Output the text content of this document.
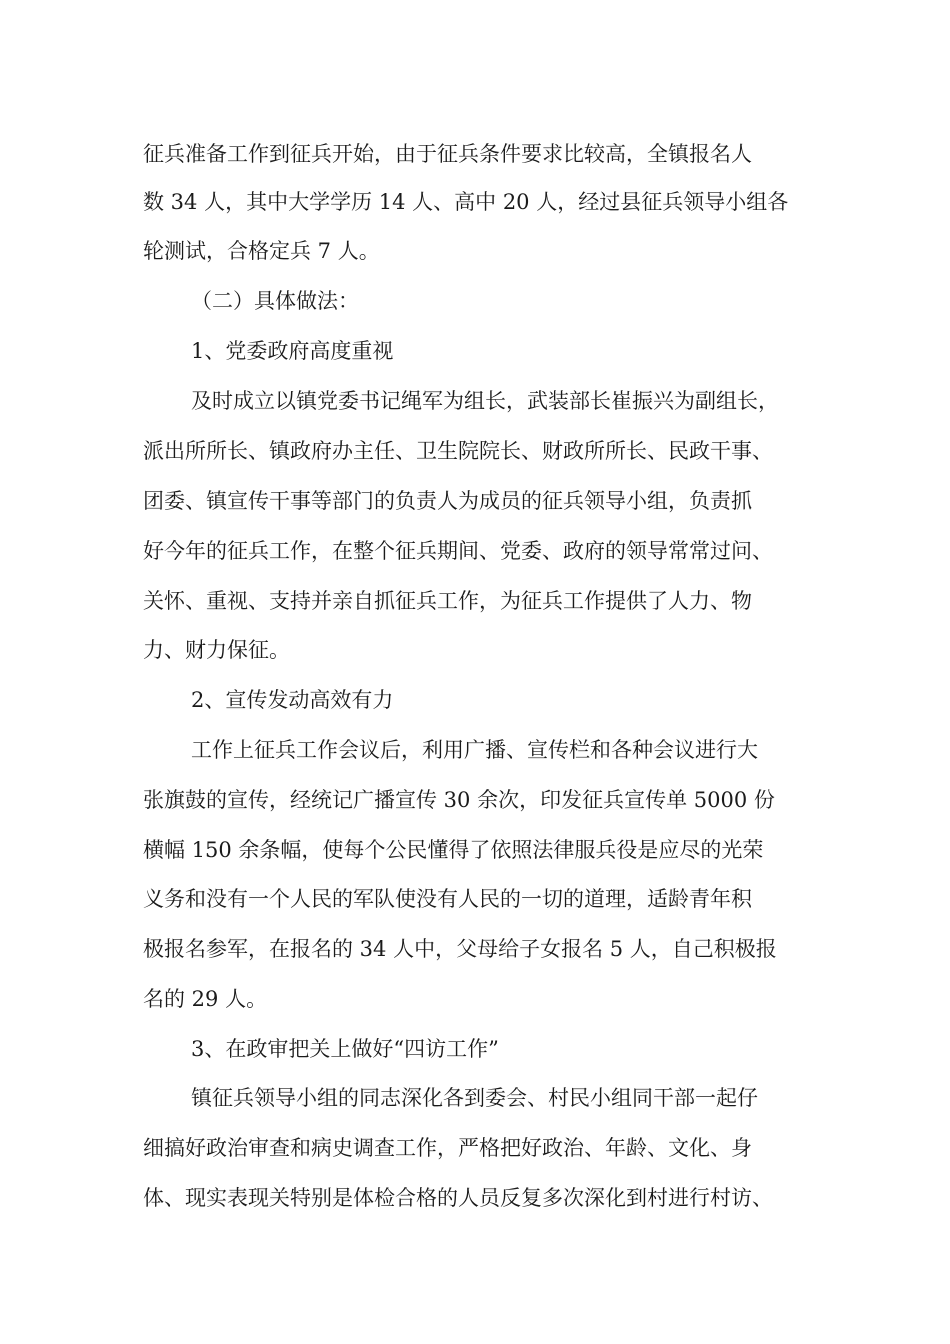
征兵准备工作到征兵开始，由于征兵条件要求比较高，全镇报名人
数 34 人，其中大学学历 14 人、高中 20 人，经过县征兵领导小组各
轮测试，合格定兵 7 人。
（二）具体做法：
1、党委政府高度重视
及时成立以镇党委书记绳军为组长，武装部长崔振兴为副组长，
派出所所长、镇政府办主任、卫生院院长、财政所所长、民政干事、
团委、镇宣传干事等部门的负责人为成员的征兵领导小组，负责抓
好今年的征兵工作，在整个征兵期间、党委、政府的领导常常过问、
关怀、重视、支持并亲自抓征兵工作，为征兵工作提供了人力、物
力、财力保征。
2、宣传发动高效有力
工作上征兵工作会议后，利用广播、宣传栏和各种会议进行大
张旗鼓的宣传，经统记广播宣传 30 余次，印发征兵宣传单 5000 份
横幅 150 余条幅，使每个公民懂得了依照法律服兵役是应尽的光荣
义务和没有一个人民的军队使没有人民的一切的道理，适龄青年积
极报名参军，在报名的 34 人中，父母给子女报名 5 人，自己积极报
名的 29 人。
3、在政审把关上做好“四访工作”
镇征兵领导小组的同志深化各到委会、村民小组同干部一起仔
细搞好政治审查和病史调查工作，严格把好政治、年龄、文化、身
体、现实表现关特别是体检合格的人员反复多次深化到村进行村访、
